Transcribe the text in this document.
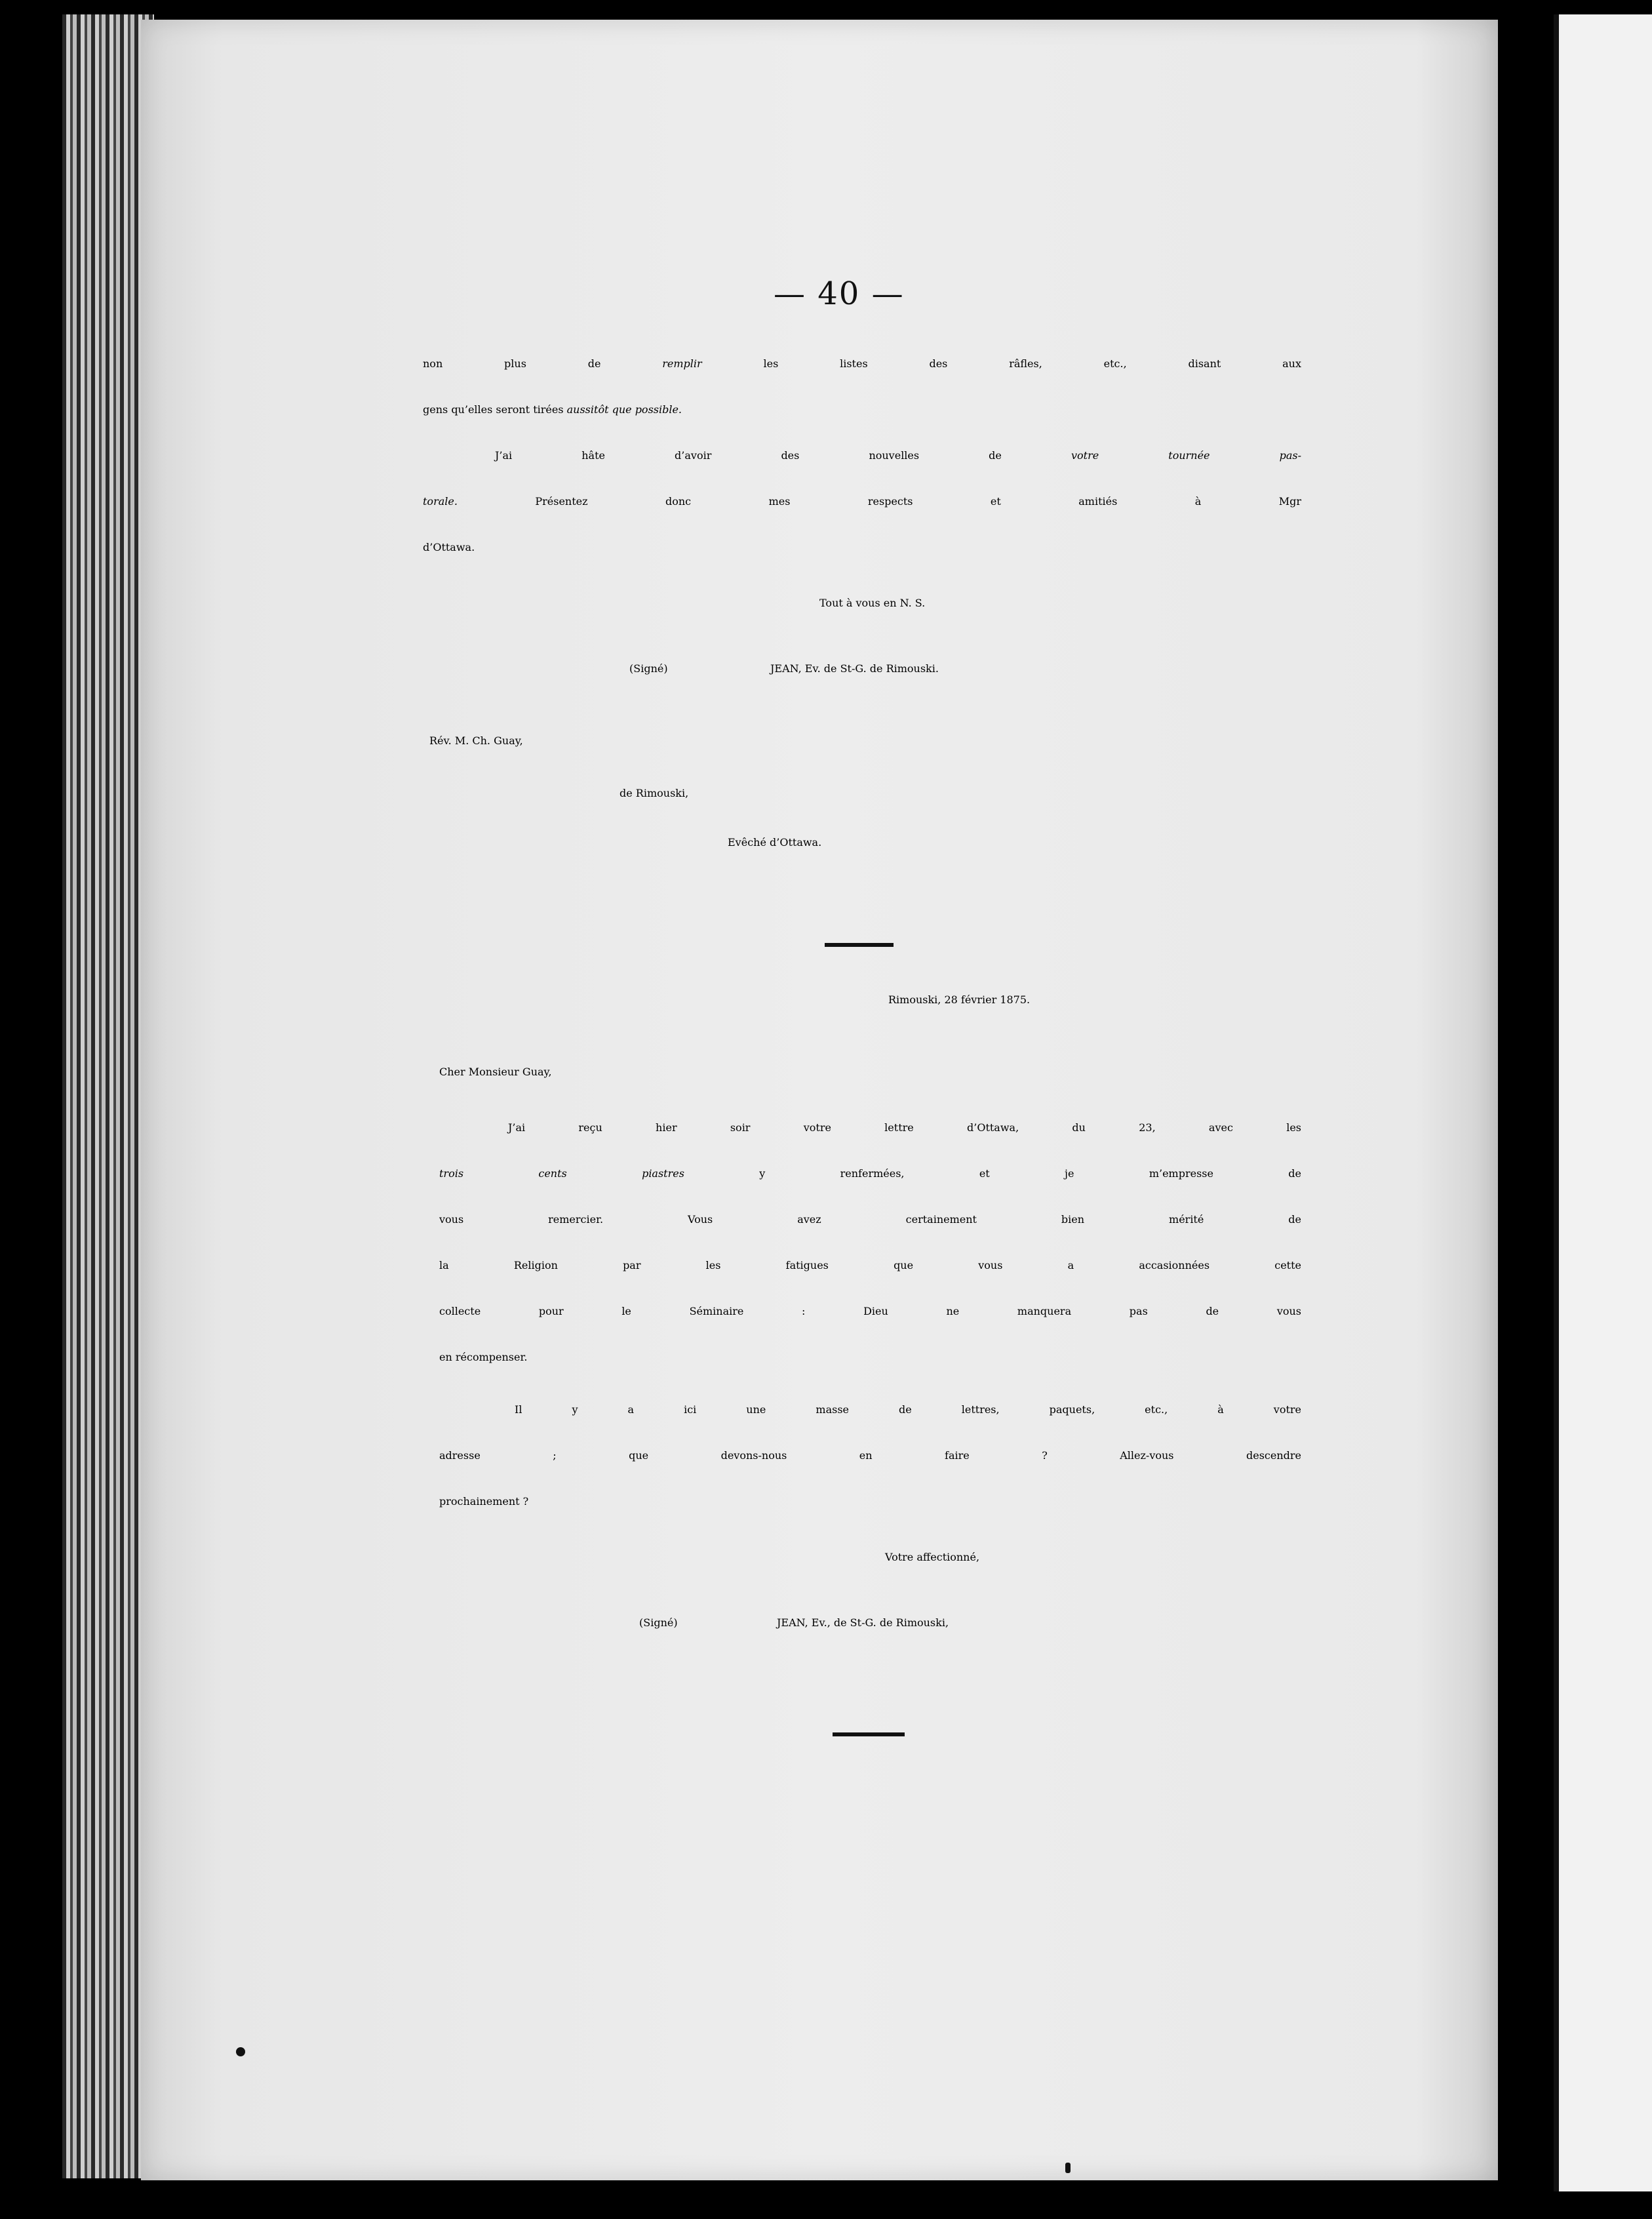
— 40 —
non plus de remplir les listes des râfles, etc., disant aux
gens qu’elles seront tirées aussitôt que possible.
J’ai hâte d’avoir des nouvelles de votre tournée pas-
torale. Présentez donc mes respects et amitiés à Mgr
d’Ottawa.
Tout à vous en N. S.
(Signé)	JEAN, Ev. de St-G. de Rimouski.
Rév. M. Ch. Guay,
de Rimouski,
Evêché d’Ottawa.
Rimouski, 28 février 1875.
Cher Monsieur Guay,
J’ai reçu hier soir votre lettre d’Ottawa, du 23, avec les
trois cents piastres y renfermées, et je m’empresse de
vous remercier. Vous avez certainement bien mérité de
la Religion par les fatigues que vous a accasionnées cette
collecte pour le Séminaire : Dieu ne manquera pas de vous
en récompenser.
Il y a ici une masse de lettres, paquets, etc., à votre
adresse ; que devons-nous en faire ? Allez-vous descendre
prochainement ?
Votre affectionné,
(Signé)	JEAN, Ev., de St-G. de Rimouski,
